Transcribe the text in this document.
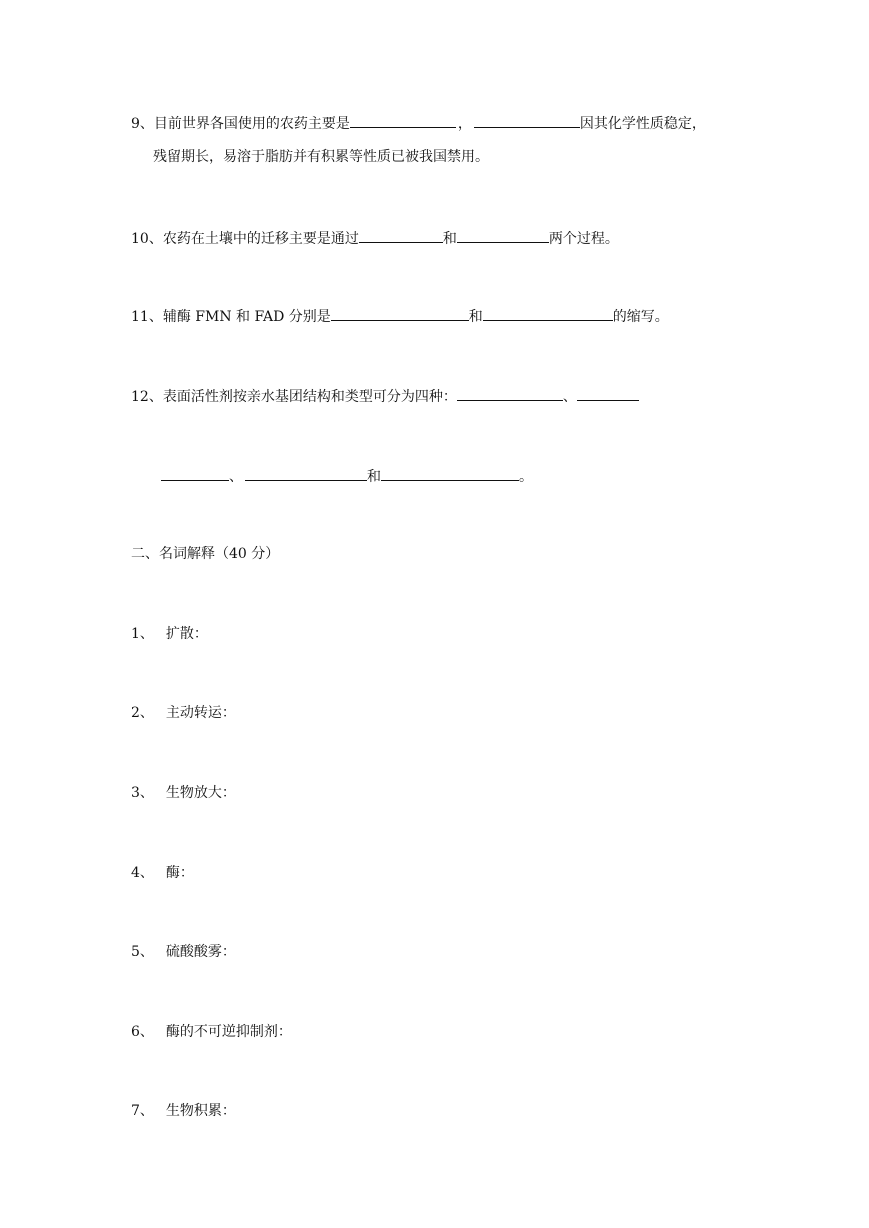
9、目前世界各国使用的农药主要是	，	因其化学性质稳定，
残留期长，易溶于脂肪并有积累等性质已被我国禁用。
10、农药在土壤中的迁移主要是通过	和	两个过程。
11、辅酶 FMN 和 FAD 分别是	和	的缩写。
12、表面活性剂按亲水基团结构和类型可分为四种：	、
、	和	。
二、名词解释（40 分）
1、 扩散：
2、 主动转运：
3、 生物放大：
4、 酶：
5、 硫酸酸雾：
6、 酶的不可逆抑制剂：
7、 生物积累：
